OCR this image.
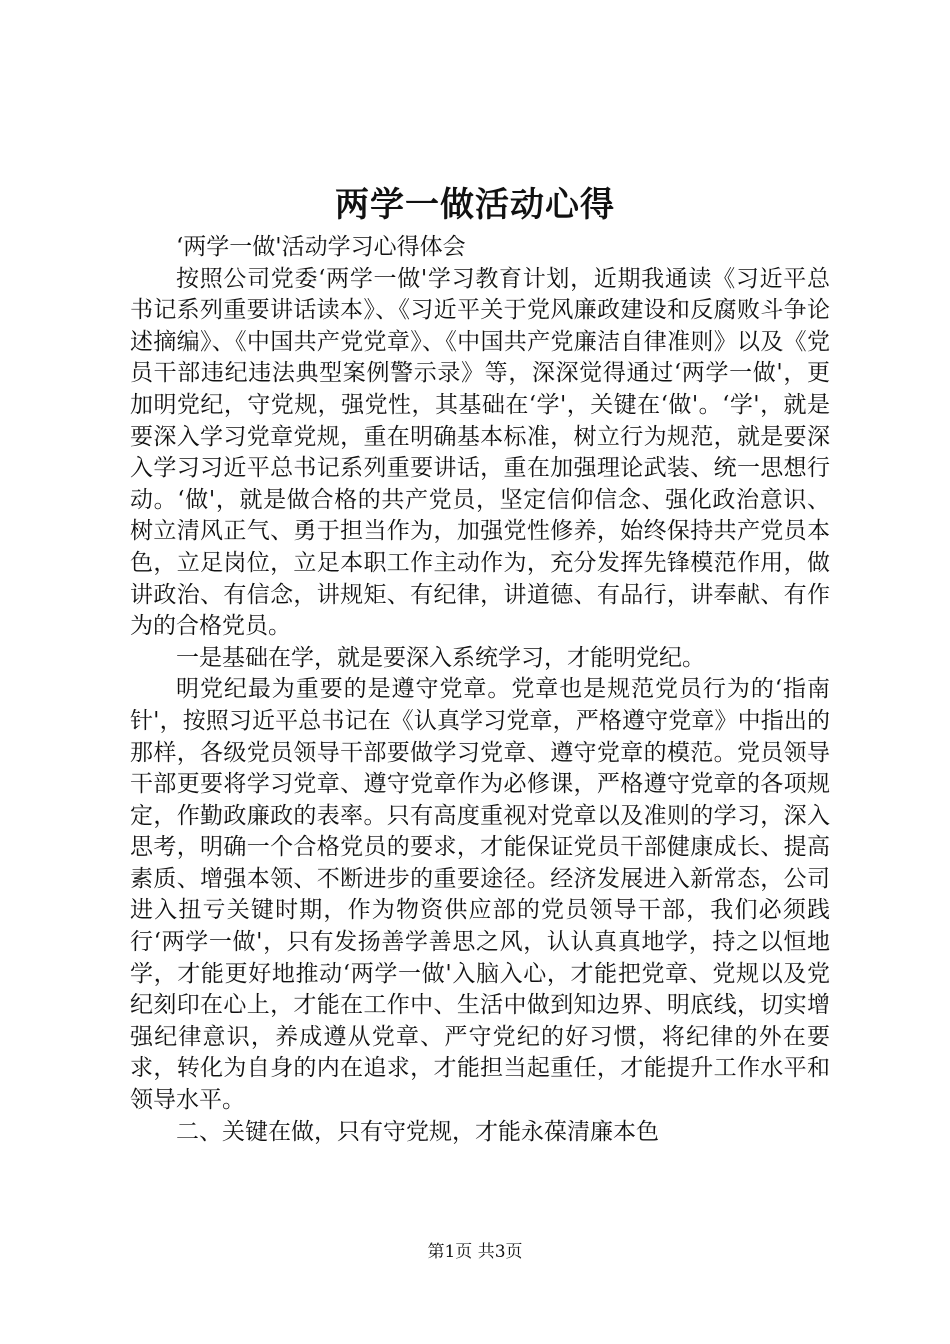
两学一做活动心得

‘两学一做'活动学习心得体会

按照公司党委‘两学一做'学习教育计划，近期我通读《习近平总书记系列重要讲话读本》、《习近平关于党风廉政建设和反腐败斗争论述摘编》、《中国共产党党章》、《中国共产党廉洁自律准则》以及《党员干部违纪违法典型案例警示录》等，深深觉得通过‘两学一做'，更加明党纪，守党规，强党性，其基础在‘学'，关键在‘做'。‘学'，就是要深入学习党章党规，重在明确基本标准，树立行为规范，就是要深入学习习近平总书记系列重要讲话，重在加强理论武装、统一思想行动。‘做'，就是做合格的共产党员，坚定信仰信念、强化政治意识、树立清风正气、勇于担当作为，加强党性修养，始终保持共产党员本色，立足岗位，立足本职工作主动作为，充分发挥先锋模范作用，做讲政治、有信念，讲规矩、有纪律，讲道德、有品行，讲奉献、有作为的合格党员。

一是基础在学，就是要深入系统学习，才能明党纪。

明党纪最为重要的是遵守党章。党章也是规范党员行为的‘指南针'，按照习近平总书记在《认真学习党章，严格遵守党章》中指出的那样，各级党员领导干部要做学习党章、遵守党章的模范。党员领导干部更要将学习党章、遵守党章作为必修课，严格遵守党章的各项规定，作勤政廉政的表率。只有高度重视对党章以及准则的学习，深入思考，明确一个合格党员的要求，才能保证党员干部健康成长、提高素质、增强本领、不断进步的重要途径。经济发展进入新常态，公司进入扭亏关键时期，作为物资供应部的党员领导干部，我们必须践行‘两学一做'，只有发扬善学善思之风，认认真真地学，持之以恒地学，才能更好地推动‘两学一做'入脑入心，才能把党章、党规以及党纪刻印在心上，才能在工作中、生活中做到知边界、明底线，切实增强纪律意识，养成遵从党章、严守党纪的好习惯，将纪律的外在要求，转化为自身的内在追求，才能担当起重任，才能提升工作水平和领导水平。

二、关键在做，只有守党规，才能永葆清廉本色

第1页 共3页
